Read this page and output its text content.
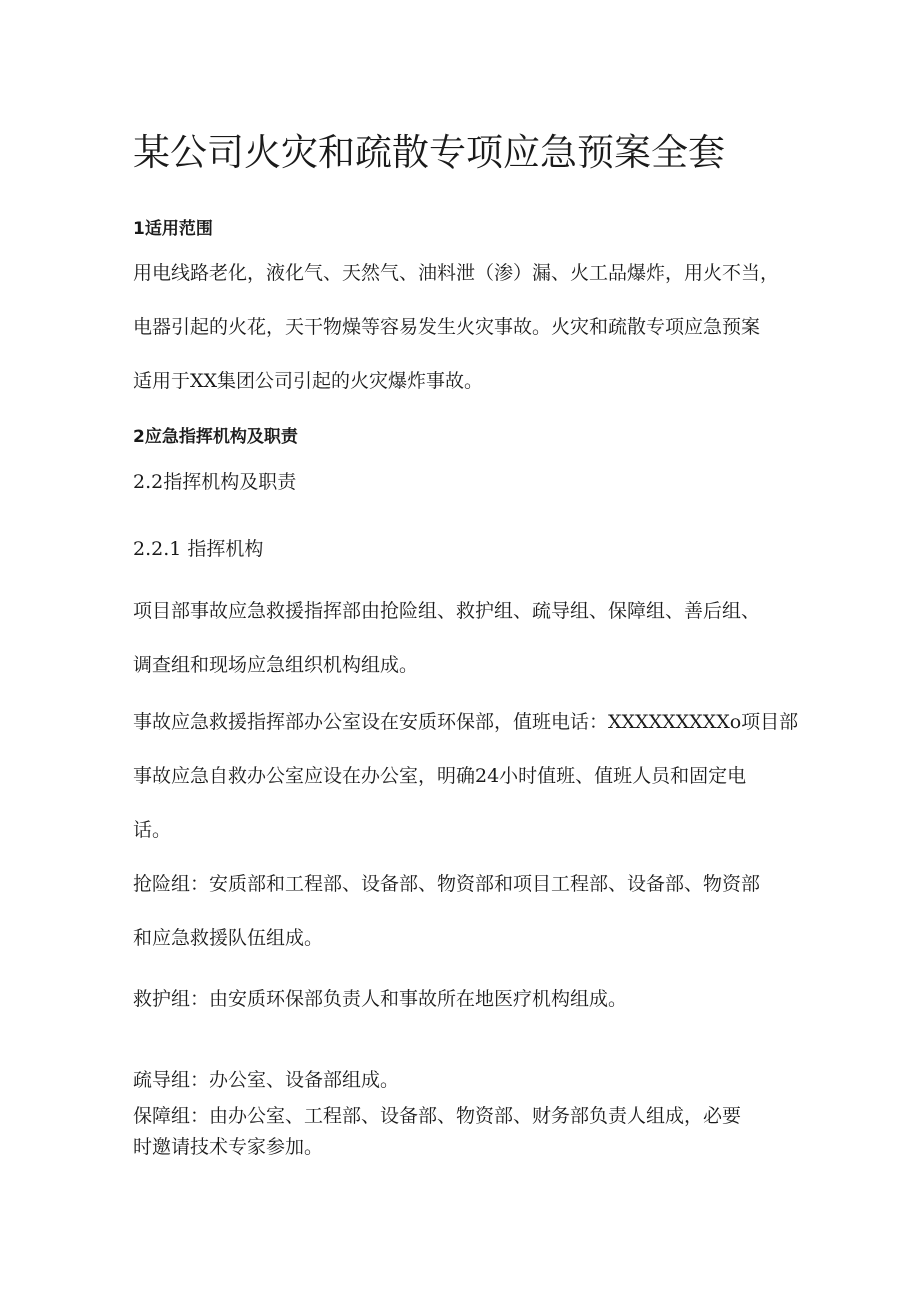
某公司火灾和疏散专项应急预案全套
1适用范围

用电线路老化，液化气、天然气、油料泄（渗）漏、火工品爆炸，用火不当，
电器引起的火花，天干物燥等容易发生火灾事故。火灾和疏散专项应急预案
适用于XX集团公司引起的火灾爆炸事故。

2应急指挥机构及职责

2.2指挥机构及职责

2.2.1 指挥机构

项目部事故应急救援指挥部由抢险组、救护组、疏导组、保障组、善后组、
调查组和现场应急组织机构组成。

事故应急救援指挥部办公室设在安质环保部，值班电话：XXXXXXXXXo项目部
事故应急自救办公室应设在办公室，明确24小时值班、值班人员和固定电
话。

抢险组：安质部和工程部、设备部、物资部和项目工程部、设备部、物资部
和应急救援队伍组成。

救护组：由安质环保部负责人和事故所在地医疗机构组成。

疏导组：办公室、设备部组成。

保障组：由办公室、工程部、设备部、物资部、财务部负责人组成，必要
时邀请技术专家参加。
